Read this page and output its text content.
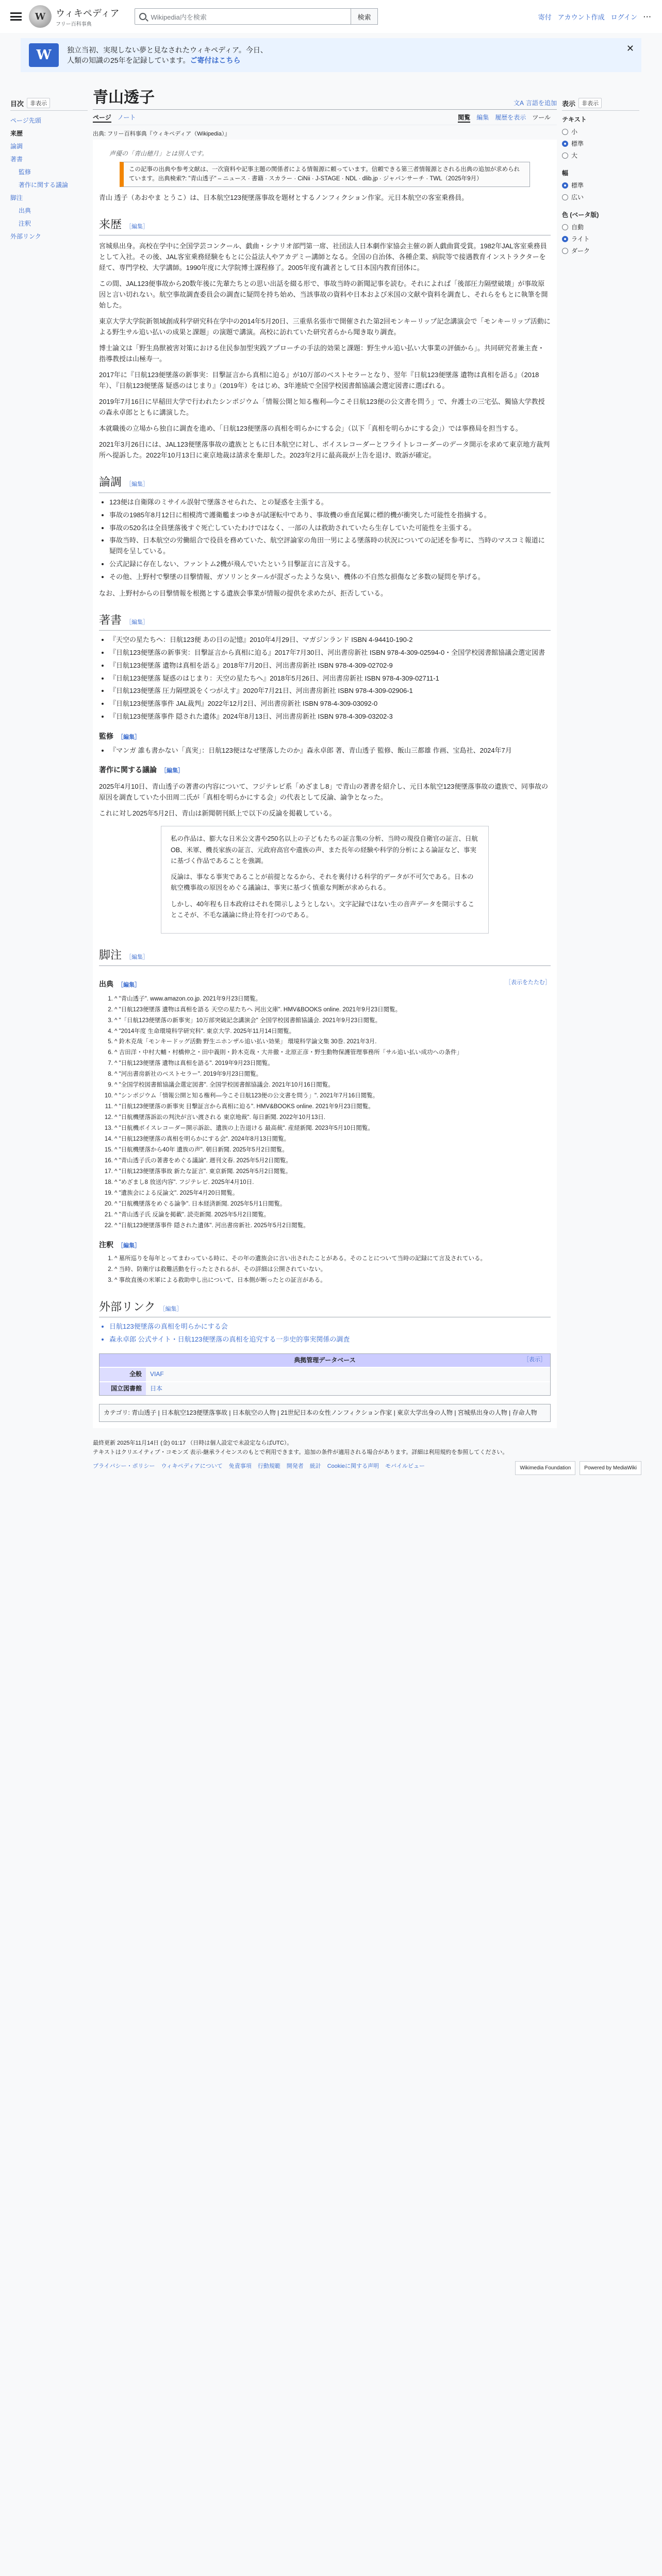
W	ウィキペディア
フリー百科事典
Wikipedia内を検索	検索	寄付 アカウント作成 ログイン ···
W	独立当初、実現しない夢と見なされたウィキペディア。今日、
人類の知識の25年を記録しています。ご寄付はこちら
✕
目次	非表示
ページ先頭
来歴
論調
著書
監修
著作に関する議論
脚注
出典
注釈
外部リンク
青山透子	文A 言語を追加
ページ ノート	閲覧 編集 履歴を表示 ツール
出典: フリー百科事典『ウィキペディア（Wikipedia）』
声優の「青山穂月」とは別人です。
この記事の出典や参考文献は、一次資料や記事主題の関係者による情報源に頼っています。信頼できる第三者情報源とされる出典の追加が求められています。出典検索?: "青山透子" – ニュース · 書籍 · スカラー · CiNii · J-STAGE · NDL · dlib.jp · ジャパンサーチ · TWL（2025年9月）

青山 透子（あおやま とうこ）は、日本航空123便墜落事故を題材とするノンフィクション作家。元日本航空の客室乗務員。

来歴 ［編集］

宮城県出身。高校在学中に全国学芸コンクール、戯曲・シナリオ部門第一席、社団法人日本劇作家協会主催の新人戯曲賞受賞。1982年JAL客室乗務員として入社。その後、JAL客室乗務経験をもとに公益法人やアカデミー講師となる。全国の自治体、各種企業、病院等で接遇教育インストラクターを経て、専門学校、大学講師。1990年度に大学院博士課程修了。2005年度有識者として日本国内教育団体に。

この間、JAL123便事故から20数年後に先輩たちとの思い出話を綴る形で、事故当時の新聞記事を読む。それによれば「後部圧力隔壁破壊」が事故原因と言い切れない。航空事故調査委員会の調査に疑問を持ち始め、当該事故の資料や日本および米国の文献や資料を調査し、それらをもとに執筆を開始した。

東京大学大学院新領域創成科学研究科在学中の2014年5月20日、三重県名張市で開催された第2回モンキーリップ記念講演会で「モンキーリップ活動による野生サル追い払いの成果と課題」の演題で講演。高校に訪れていた研究者らから聞き取り調査。

博士論文は「野生鳥獣被害対策における住民参加型実践アプローチの手法的効果と課題：野生サル追い払い大事業の評価から」。共同研究者兼主査・指導教授は山極寿一。

2017年に『日航123便墜落の新事実：目撃証言から真相に迫る』が10万部のベストセラーとなり、翌年『日航123便墜落 遺物は真相を語る』（2018年）、『日航123便墜落 疑惑のはじまり』（2019年）をはじめ、3年連続で全国学校図書館協議会選定図書に選ばれる。

2019年7月16日に早稲田大学で行われたシンポジウム「情報公開と知る権利―今こそ日航123便の公文書を問う」で、弁護士の三宅弘、獨協大学教授の森永卓郎とともに講演した。

本就職後の立場から独自に調査を進め、「日航123便墜落の真相を明らかにする会」（以下「真相を明らかにする会」）では事務局を担当する。

2021年3月26日には、JAL123便墜落事故の遺族とともに日本航空に対し、ボイスレコーダーとフライトレコーダーのデータ開示を求めて東京地方裁判所へ提訴した。2022年10月13日に東京地裁は請求を棄却した。2023年2月に最高裁が上告を退け、敗訴が確定。

論調 ［編集］
• 123便は自衛隊のミサイル誤射で墜落させられた、との疑惑を主張する。
• 事故の1985年8月12日に相模湾で護衛艦まつゆきが試運転中であり、事故機の垂直尾翼に標的機が衝突した可能性を指摘する。
• 事故の520名は全員墜落後すぐ死亡していたわけではなく、一部の人は救助されていたら生存していた可能性を主張する。
• 事故当時、日本航空の労働組合で役員を務めていた、航空評論家の角田一男による墜落時の状況についての記述を参考に、当時のマスコミ報道に疑問を呈している。
• 公式記録に存在しない、ファントム2機が飛んでいたという目撃証言に言及する。
• その他、上野村で撃墜の目撃情報、ガソリンとタールが混ざったような臭い、機体の不自然な損傷など多数の疑問を挙げる。

なお、上野村からの目撃情報を根拠とする遺族会事業が情報の提供を求めたが、拒否している。

著書 ［編集］
• 『天空の星たちへ：日航123便 あの日の記憶』2010年4月29日、マガジンランド ISBN 4-94410-190-2
• 『日航123便墜落の新事実：目撃証言から真相に迫る』2017年7月30日、河出書房新社 ISBN 978-4-309-02594-0・全国学校図書館協議会選定図書
• 『日航123便墜落 遺物は真相を語る』2018年7月20日、河出書房新社 ISBN 978-4-309-02702-9
• 『日航123便墜落 疑惑のはじまり：天空の星たちへ』2018年5月26日、河出書房新社 ISBN 978-4-309-02711-1
• 『日航123便墜落 圧力隔壁説をくつがえす』2020年7月21日、河出書房新社 ISBN 978-4-309-02906-1
• 『日航123便墜落事件 JAL裁判』2022年12月2日、河出書房新社 ISBN 978-4-309-03092-0
• 『日航123便墜落事件 隠された遺体』2024年8月13日、河出書房新社 ISBN 978-4-309-03202-3
監修 ［編集］
• 『マンガ 誰も書かない「真実」：日航123便はなぜ墜落したのか』森永卓郎 著、青山透子 監修、飯山三都雄 作画、宝島社、2024年7月
著作に関する議論 ［編集］

2025年4月10日、青山透子の著書の内容について、フジテレビ系「めざまし8」で青山の著書を紹介し、元日本航空123便墜落事故の遺族で、同事故の原因を調査していた小田周二氏が「真相を明らかにする会」の代表として反論、論争となった。

これに対し2025年5月2日、青山は新聞朝刊紙上で以下の反論を掲載している。

私の作品は、膨大な日米公文書や250名以上の子どもたちの証言集の分析、当時の現役自衛官の証言、日航OB、米軍、機長家族の証言、元政府高官や遺族の声、また長年の経験や科学的分析による論証など、事実に基づく作品であることを強調。

反論は、事なる事実であることが前提となるから、それを裏付ける科学的データが不可欠である。日本の航空機事故の原因をめぐる議論は、事実に基づく慎重な判断が求められる。

しかし、40年程も日本政府はそれを開示しようとしない。文字記録ではない生の音声データを開示することこそが、不毛な議論に終止符を打つのである。

脚注 ［編集］
出典 ［編集］	［表示をたたむ］
1. ^ "青山透子". www.amazon.co.jp. 2021年9月23日閲覧。
2. ^ "日航123便墜落 遺物は真相を語る 天空の星たちへ 河出文庫". HMV&BOOKS online. 2021年9月23日閲覧。
3. ^ "「日航123便墜落の新事実」10万部突破記念講演会" 全国学校図書館協議会. 2021年9月23日閲覧。
4. ^ "2014年度 生命環境科学研究科". 東京大学. 2025年11月14日閲覧。
5. ^ 鈴木克哉「モンキードッグ活動 野生ニホンザル追い払い効果」 環境科学論文集 30巻. 2021年3月.
6. ^ 吉田洋・中村大輔・村橋伸之・田中義則・鈴木克哉・大井徹・北原正彦・野生動物保護管理事務所「サル追い払い成功への条件」
7. ^ "日航123便墜落 遺物は真相を語る". 2019年9月23日閲覧。
8. ^ "河出書房新社のベストセラー". 2019年9月23日閲覧。
9. ^ "全国学校図書館協議会選定図書". 全国学校図書館協議会. 2021年10月16日閲覧。
10. ^ "シンポジウム「情報公開と知る権利―今こそ日航123便の公文書を問う」". 2021年7月16日閲覧。
11. ^ "日航123便墜落の新事実 目撃証言から真相に迫る". HMV&BOOKS online. 2021年9月23日閲覧。
12. ^ "日航機墜落訴訟の判決が言い渡される 東京地裁". 毎日新聞. 2022年10月13日.
13. ^ "日航機ボイスレコーダー開示訴訟、遺族の上告退ける 最高裁". 産経新聞. 2023年5月10日閲覧。
14. ^ "日航123便墜落の真相を明らかにする会". 2024年8月13日閲覧。
15. ^ "日航機墜落から40年 遺族の声". 朝日新聞. 2025年5月2日閲覧。
16. ^ "青山透子氏の著書をめぐる議論". 週刊文春. 2025年5月2日閲覧。
17. ^ "日航123便墜落事故 新たな証言". 東京新聞. 2025年5月2日閲覧。
18. ^ "めざまし8 放送内容". フジテレビ. 2025年4月10日.
19. ^ "遺族会による反論文". 2025年4月20日閲覧。
20. ^ "日航機墜落をめぐる論争". 日本経済新聞. 2025年5月1日閲覧。
21. ^ "青山透子氏 反論を掲載". 読売新聞. 2025年5月2日閲覧。
22. ^ "日航123便墜落事件 隠された遺体". 河出書房新社. 2025年5月2日閲覧。
注釈 ［編集］
1. ^ 墓所巡りを毎年とってまわっている時に、その年の遺族会に言い出されたことがある。そのことについて当時の記録にて言及されている。
2. ^ 当時、防衛庁は救難活動を行ったとされるが、その詳細は公開されていない。
3. ^ 事故直後の米軍による救助申し出について、日本側が断ったとの証言がある。
外部リンク ［編集］
• 日航123便墜落の真相を明らかにする会
• 森永卓郎 公式サイト・日航123便墜落の真相を追究する一歩史的事実関係の調査
典拠管理データベース	［表示］
全般	VIAF
国立図書館	日本
カテゴリ: 青山透子 | 日本航空123便墜落事故 | 日本航空の人物 | 21世紀日本の女性ノンフィクション作家 | 東京大学出身の人物 | 宮城県出身の人物 | 存命人物
表示	非表示
テキスト
小
標準
大
幅
標準
広い
色 (ベータ版)
自動
ライト
ダーク
最終更新 2025年11月14日 (金) 01:17 （日時は個人設定で未設定ならばUTC）。
テキストはクリエイティブ・コモンズ 表示-継承ライセンスのもとで利用できます。追加の条件が適用される場合があります。詳細は利用規約を参照してください。
プライバシー・ポリシー ウィキペディアについて 免責事項 行動規範 開発者 統計 Cookieに関する声明 モバイルビュー	Wikimedia Foundation	Powered by MediaWiki
